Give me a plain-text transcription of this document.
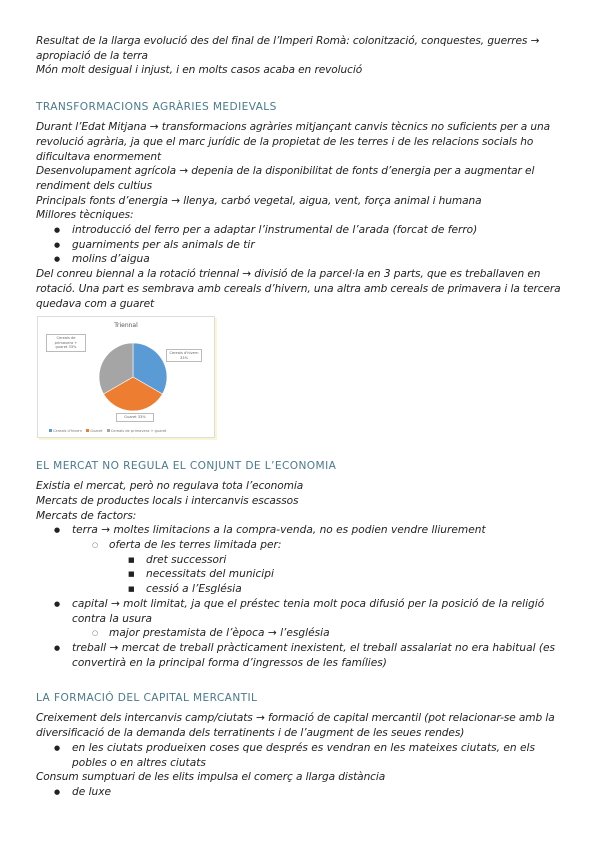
Resultat de la llarga evolució des del final de l’Imperi Romà: colonització, conquestes, guerres → apropiació de la terra

Món molt desigual i injust, i en molts casos acaba en revolució

TRANSFORMACIONS AGRÀRIES MEDIEVALS

Durant l’Edat Mitjana → transformacions agràries mitjançant canvis tècnics no suficients per a una revolució agrària, ja que el marc jurídic de la propietat de les terres i de les relacions socials ho dificultava enormement

Desenvolupament agrícola → depenia de la disponibilitat de fonts d’energia per a augmentar el rendiment dels cultius

Principals fonts d’energia → llenya, carbó vegetal, aigua, vent, força animal i humana

Millores tècniques:

● introducció del ferro per a adaptar l’instrumental de l’arada (forcat de ferro)
● guarniments per als animals de tir
● molins d’aigua

Del conreu biennal a la rotació triennal → divisió de la parcel·la en 3 parts, que es treballaven en rotació. Una part es sembrava amb cereals d’hivern, una altra amb cereals de primavera i la tercera quedava com a guaret

Triennal
Cereals d'hivern 33%
Guaret 33%
Cereals de primavera + guaret 33%
Cereals d'hivern Guaret Cereals de primavera + guaret

EL MERCAT NO REGULA EL CONJUNT DE L’ECONOMIA

Existia el mercat, però no regulava tota l’economia

Mercats de productes locals i intercanvis escassos

Mercats de factors:

● terra → moltes limitacions a la compra-venda, no es podien vendre lliurement
○ oferta de les terres limitada per:
■ dret successori
■ necessitats del municipi
■ cessió a l’Església
● capital → molt limitat, ja que el préstec tenia molt poca difusió per la posició de la religió contra la usura
○ major prestamista de l’època → l’església
● treball → mercat de treball pràcticament inexistent, el treball assalariat no era habitual (es convertirà en la principal forma d’ingressos de les famílies)

LA FORMACIÓ DEL CAPITAL MERCANTIL

Creixement dels intercanvis camp/ciutats → formació de capital mercantil (pot relacionar-se amb la diversificació de la demanda dels terratinents i de l’augment de les seues rendes)

● en les ciutats produeixen coses que després es vendran en les mateixes ciutats, en els pobles o en altres ciutats

Consum sumptuari de les elits impulsa el comerç a llarga distància

● de luxe
